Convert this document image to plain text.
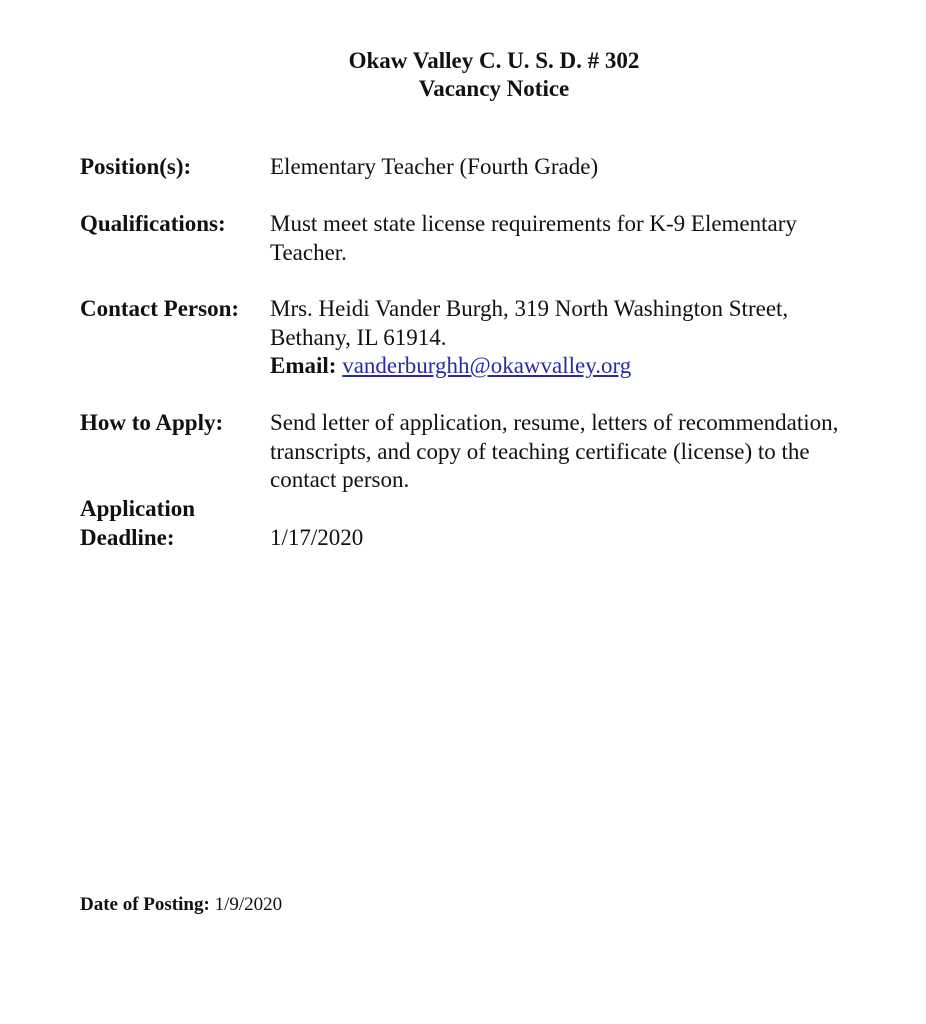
Okaw Valley C. U. S. D. # 302
Vacancy Notice
Position(s):	Elementary Teacher (Fourth Grade)
Qualifications:	Must meet state license requirements for K-9 Elementary
Teacher.
Contact Person:	Mrs. Heidi Vander Burgh, 319 North Washington Street,
Bethany, IL 61914.
Email: vanderburghh@okawvalley.org
How to Apply:	Send letter of application, resume, letters of recommendation,
transcripts, and copy of teaching certificate (license) to the
contact person.
Application
Deadline:	1/17/2020
Date of Posting: 1/9/2020
